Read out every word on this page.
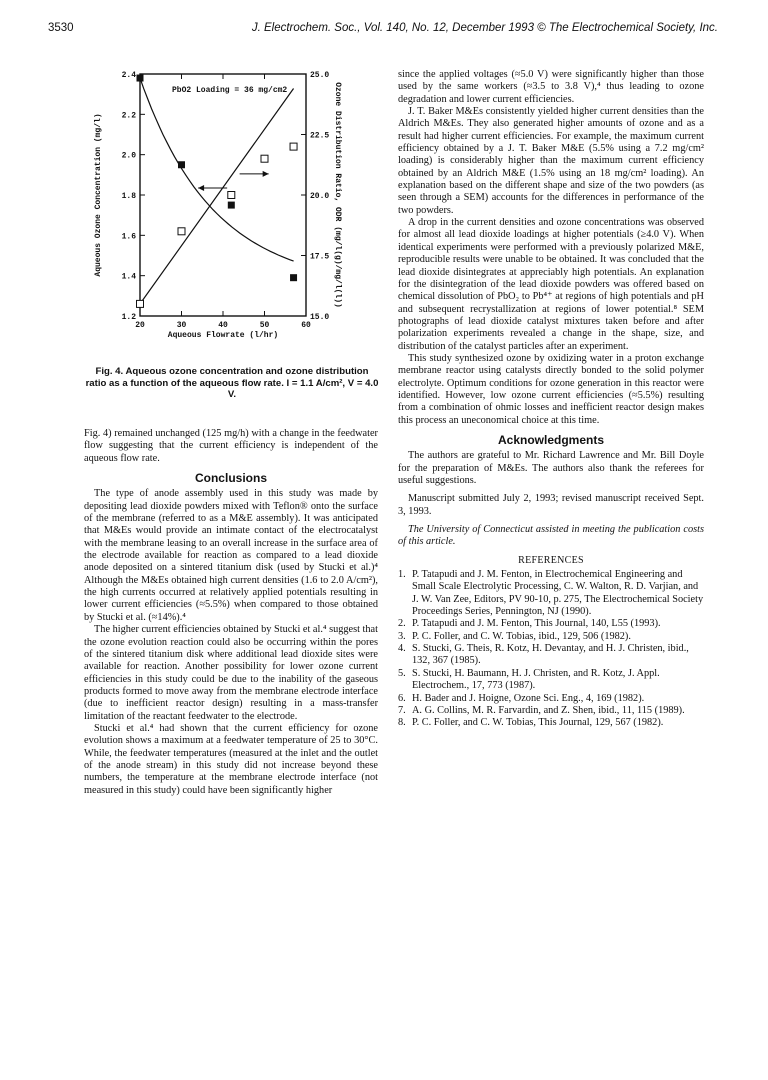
3530	J. Electrochem. Soc., Vol. 140, No. 12, December 1993 © The Electrochemical Society, Inc.
20	30	40	50	60
1.2
1.4
1.6
1.8
2.0
2.2
2.4
15.0
17.5
20.0
22.5
25.0
Aqueous Flowrate (l/hr)
Aqueous Ozone Concentration (mg/l)	Ozone Distribution Ratio, ODR (mg/l(g)/mg/l(l))
PbO2 Loading = 36 mg/cm2
Fig. 4. Aqueous ozone concentration and ozone distribution ratio as a function of the aqueous flow rate. I = 1.1 A/cm², V = 4.0 V.

Fig. 4) remained unchanged (125 mg/h) with a change in the feedwater flow suggesting that the current efficiency is independent of the aqueous flow rate.

Conclusions

The type of anode assembly used in this study was made by depositing lead dioxide powders mixed with Teflon® onto the surface of the membrane (referred to as a M&E assembly). It was anticipated that M&Es would provide an intimate contact of the electrocatalyst with the membrane leasing to an overall increase in the surface area of the electrode available for reaction as compared to a lead dioxide anode deposited on a sintered titanium disk (used by Stucki et al.)⁴ Although the M&Es obtained high current densities (1.6 to 2.0 A/cm²), the high currents occurred at relatively applied potentials resulting in lower current efficiencies (≈5.5%) when compared to those obtained by Stucki et al. (≈14%).⁴

The higher current efficiencies obtained by Stucki et al.⁴ suggest that the ozone evolution reaction could also be occurring within the pores of the sintered titanium disk where additional lead dioxide sites were available for reaction. Another possibility for lower ozone current efficiencies in this study could be due to the inability of the gaseous products formed to move away from the membrane electrode interface (due to inefficient reactor design) resulting in a mass-transfer limitation of the reactant feedwater to the electrode.

Stucki et al.⁴ had shown that the current efficiency for ozone evolution shows a maximum at a feedwater temperature of 25 to 30°C. While, the feedwater temperatures (measured at the inlet and the outlet of the anode stream) in this study did not increase beyond these numbers, the temperature at the membrane electrode interface (not measured in this study) could have been significantly higher

since the applied voltages (≈5.0 V) were significantly higher than those used by the same workers (≈3.5 to 3.8 V),⁴ thus leading to ozone degradation and lower current efficiencies.

J. T. Baker M&Es consistently yielded higher current densities than the Aldrich M&Es. They also generated higher amounts of ozone and as a result had higher current efficiencies. For example, the maximum current efficiency obtained by a J. T. Baker M&E (5.5% using a 7.2 mg/cm² loading) is considerably higher than the maximum current efficiency obtained by an Aldrich M&E (1.5% using an 18 mg/cm² loading). An explanation based on the different shape and size of the two powders (as seen through a SEM) accounts for the differences in performance of the two powders.

A drop in the current densities and ozone concentrations was observed for almost all lead dioxide loadings at higher potentials (≥4.0 V). When identical experiments were performed with a previously polarized M&E, reproducible results were unable to be obtained. It was concluded that the lead dioxide disintegrates at appreciably high potentials. An explanation for the disintegration of the lead dioxide powders was offered based on chemical dissolution of PbO₂ to Pb⁴⁺ at regions of high potentials and pH and subsequent recrystallization at regions of lower potential.⁸ SEM photographs of lead dioxide catalyst mixtures taken before and after polarization experiments revealed a change in the shape, size, and distribution of the catalyst particles after an experiment.

This study synthesized ozone by oxidizing water in a proton exchange membrane reactor using catalysts directly bonded to the solid polymer electrolyte. Optimum conditions for ozone generation in this reactor were identified. However, low ozone current efficiencies (≈5.5%) resulting from a combination of ohmic losses and inefficient reactor design makes this process an uneconomical choice at this time.

Acknowledgments

The authors are grateful to Mr. Richard Lawrence and Mr. Bill Doyle for the preparation of M&Es. The authors also thank the referees for useful suggestions.

Manuscript submitted July 2, 1993; revised manuscript received Sept. 3, 1993.

The University of Connecticut assisted in meeting the publication costs of this article.

REFERENCES
1. P. Tatapudi and J. M. Fenton, in Electrochemical Engineering and Small Scale Electrolytic Processing, C. W. Walton, R. D. Varjian, and J. W. Van Zee, Editors, PV 90-10, p. 275, The Electrochemical Society Proceedings Series, Pennington, NJ (1990).
2. P. Tatapudi and J. M. Fenton, This Journal, 140, L55 (1993).
3. P. C. Foller, and C. W. Tobias, ibid., 129, 506 (1982).
4. S. Stucki, G. Theis, R. Kotz, H. Devantay, and H. J. Christen, ibid., 132, 367 (1985).
5. S. Stucki, H. Baumann, H. J. Christen, and R. Kotz, J. Appl. Electrochem., 17, 773 (1987).
6. H. Bader and J. Hoigne, Ozone Sci. Eng., 4, 169 (1982).
7. A. G. Collins, M. R. Farvardin, and Z. Shen, ibid., 11, 115 (1989).
8. P. C. Foller, and C. W. Tobias, This Journal, 129, 567 (1982).
